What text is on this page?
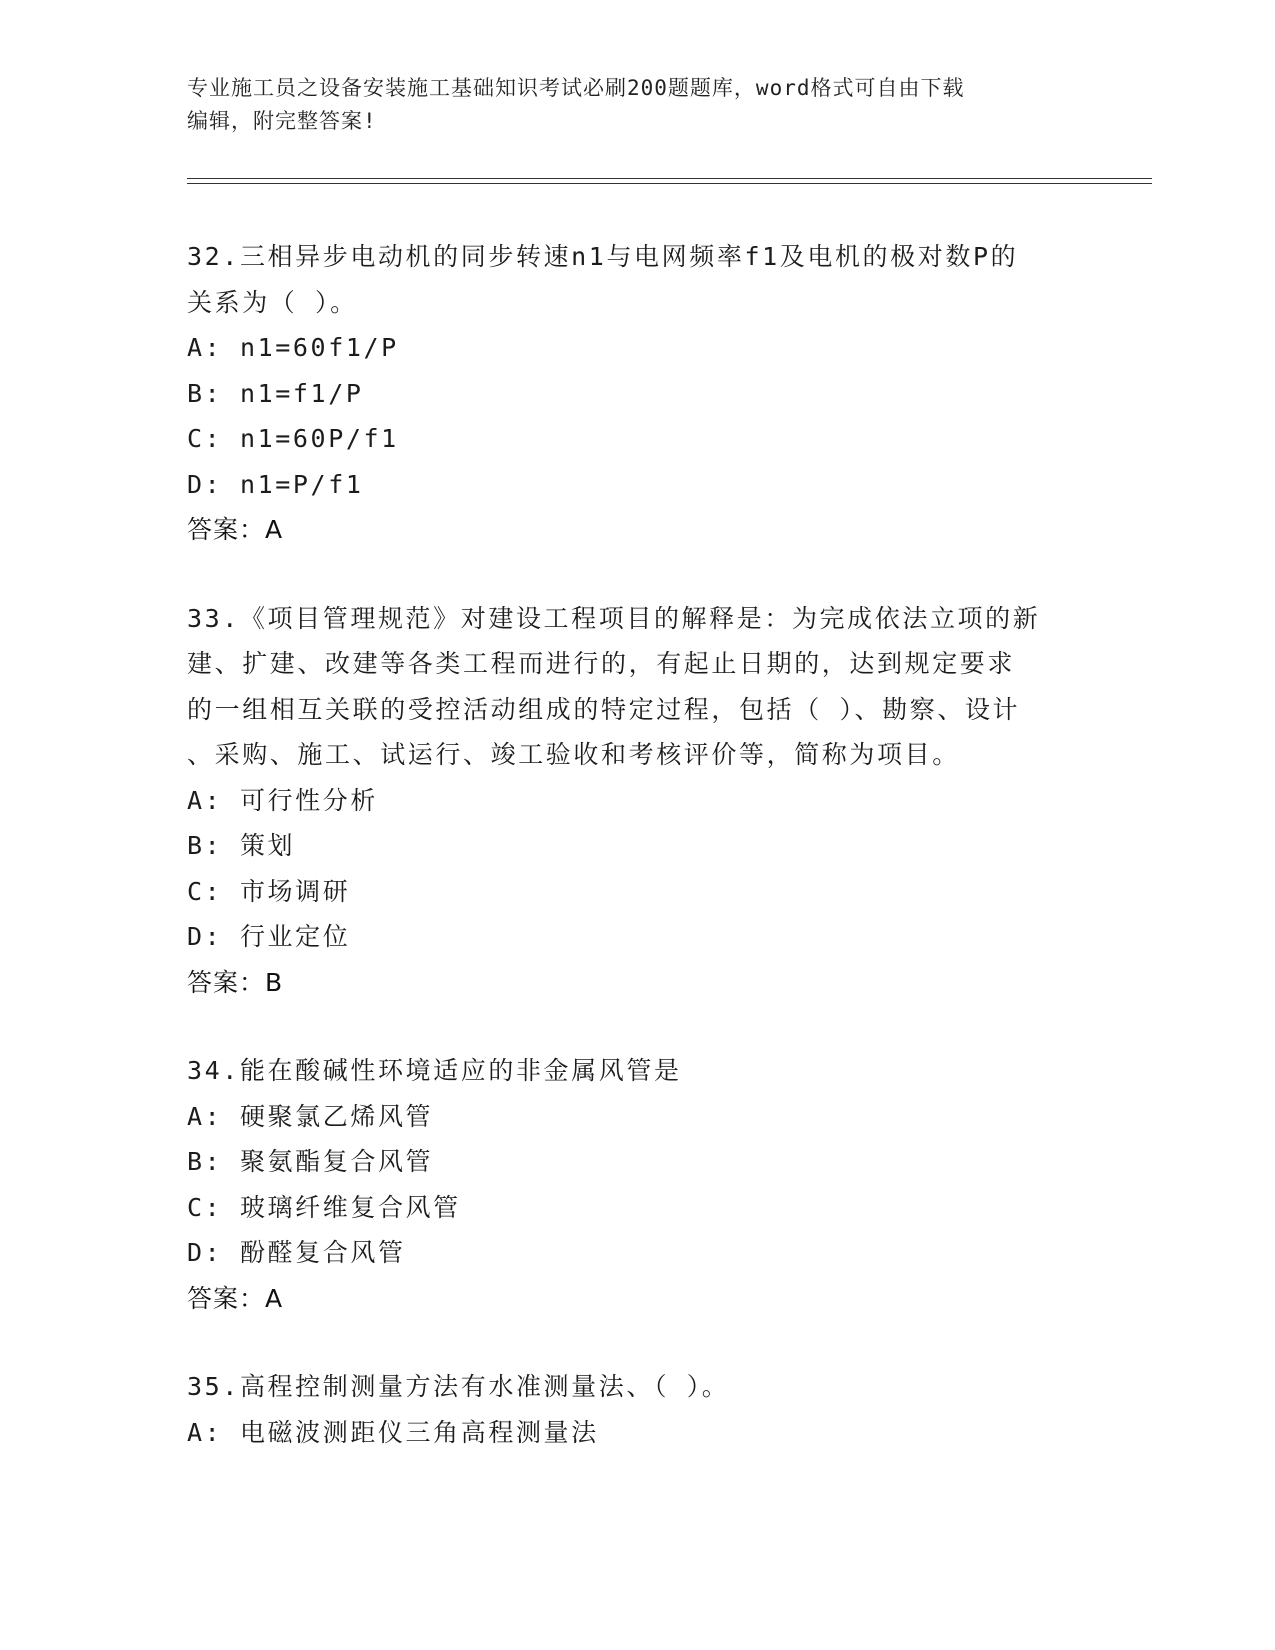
专业施工员之设备安装施工基础知识考试必刷200题题库，word格式可自由下载
编辑，附完整答案!
32.三相异步电动机的同步转速n1与电网频率f1及电机的极对数P的
关系为（ ）。
A: n1=60f1/P
B: n1=f1/P
C: n1=60P/f1
D: n1=P/f1
答案：A
33.《项目管理规范》对建设工程项目的解释是：为完成依法立项的新
建、扩建、改建等各类工程而进行的，有起止日期的，达到规定要求
的一组相互关联的受控活动组成的特定过程，包括（ ）、勘察、设计
、采购、施工、试运行、竣工验收和考核评价等，简称为项目。
A: 可行性分析
B: 策划
C: 市场调研
D: 行业定位
答案：B
34.能在酸碱性环境适应的非金属风管是
A: 硬聚氯乙烯风管
B: 聚氨酯复合风管
C: 玻璃纤维复合风管
D: 酚醛复合风管
答案：A
35.高程控制测量方法有水准测量法、（ ）。
A: 电磁波测距仪三角高程测量法
